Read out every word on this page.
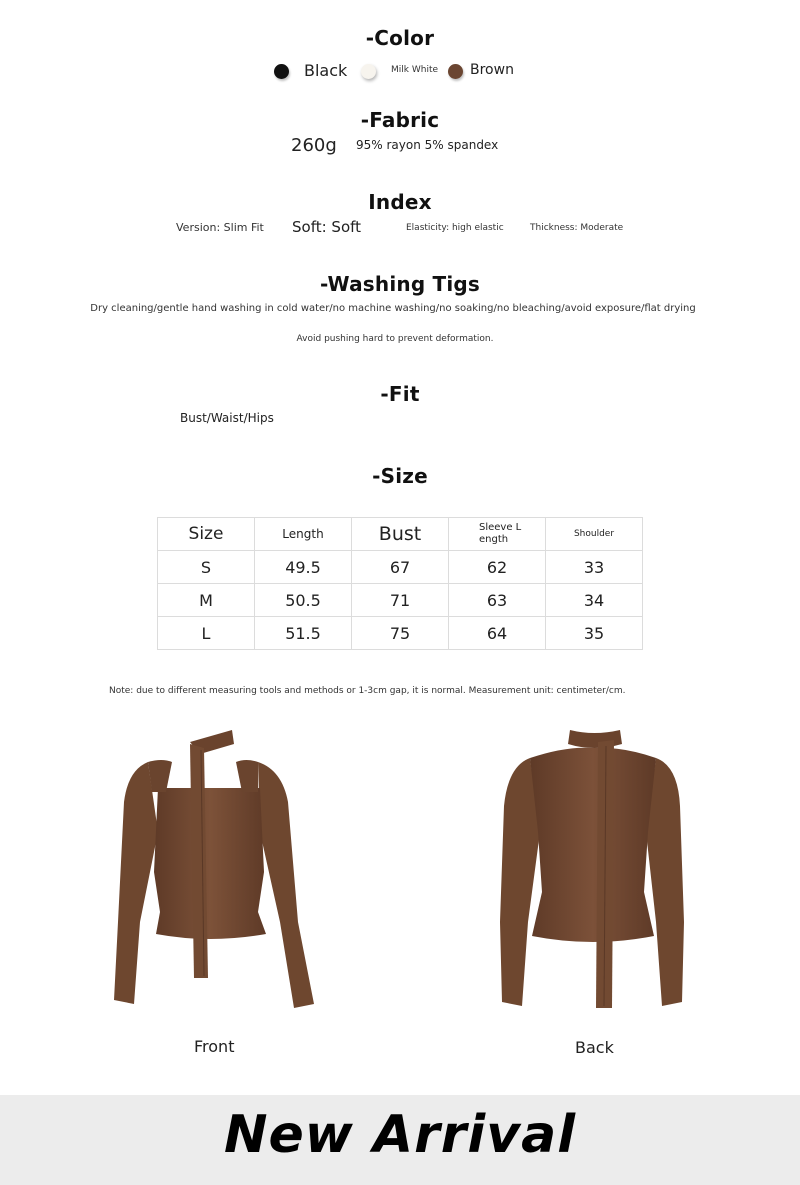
-Color
Black	Milk White Brown
-Fabric
260g 95% rayon 5% spandex
Index
Version: Slim Fit Soft: Soft	Elasticity: high elastic	Thickness: Moderate
-Washing Tigs
Dry cleaning/gentle hand washing in cold water/no machine washing/no soaking/no bleaching/avoid exposure/flat drying
Avoid pushing hard to prevent deformation.
-Fit
Bust/Waist/Hips
-Size
Size	Length	Bust	Sleeve L ength	Shoulder
S	49.5	67	62	33
M	50.5	71	63	34
L	51.5	75	64	35
Note: due to different measuring tools and methods or 1-3cm gap, it is normal. Measurement unit: centimeter/cm.
Front	Back
New Arrival
